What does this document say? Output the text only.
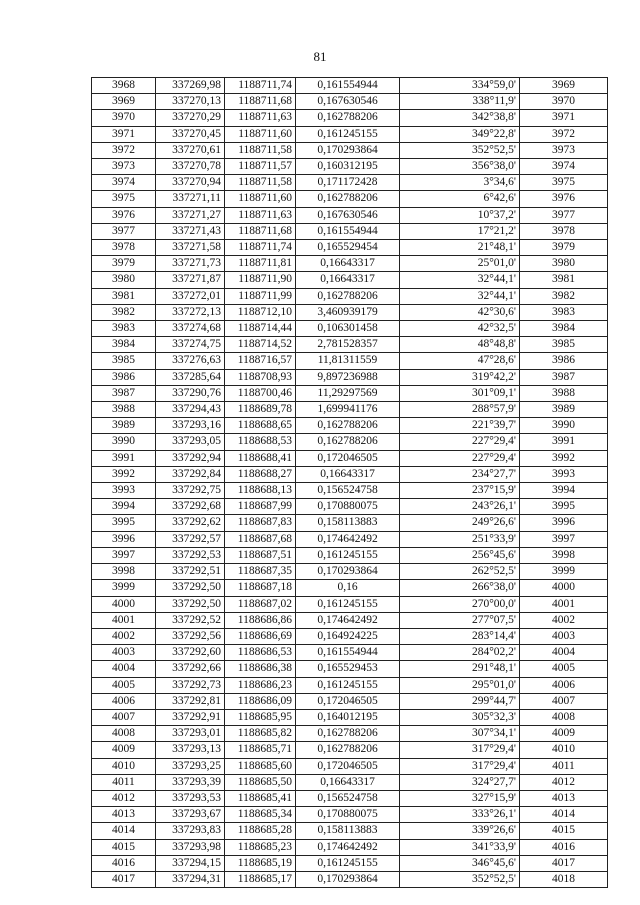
81
3968	337269,98	1188711,74	0,161554944	334°59,0'	3969
3969	337270,13	1188711,68	0,167630546	338°11,9'	3970
3970	337270,29	1188711,63	0,162788206	342°38,8'	3971
3971	337270,45	1188711,60	0,161245155	349°22,8'	3972
3972	337270,61	1188711,58	0,170293864	352°52,5'	3973
3973	337270,78	1188711,57	0,160312195	356°38,0'	3974
3974	337270,94	1188711,58	0,171172428	3°34,6'	3975
3975	337271,11	1188711,60	0,162788206	6°42,6'	3976
3976	337271,27	1188711,63	0,167630546	10°37,2'	3977
3977	337271,43	1188711,68	0,161554944	17°21,2'	3978
3978	337271,58	1188711,74	0,165529454	21°48,1'	3979
3979	337271,73	1188711,81	0,16643317	25°01,0'	3980
3980	337271,87	1188711,90	0,16643317	32°44,1'	3981
3981	337272,01	1188711,99	0,162788206	32°44,1'	3982
3982	337272,13	1188712,10	3,460939179	42°30,6'	3983
3983	337274,68	1188714,44	0,106301458	42°32,5'	3984
3984	337274,75	1188714,52	2,781528357	48°48,8'	3985
3985	337276,63	1188716,57	11,81311559	47°28,6'	3986
3986	337285,64	1188708,93	9,897236988	319°42,2'	3987
3987	337290,76	1188700,46	11,29297569	301°09,1'	3988
3988	337294,43	1188689,78	1,699941176	288°57,9'	3989
3989	337293,16	1188688,65	0,162788206	221°39,7'	3990
3990	337293,05	1188688,53	0,162788206	227°29,4'	3991
3991	337292,94	1188688,41	0,172046505	227°29,4'	3992
3992	337292,84	1188688,27	0,16643317	234°27,7'	3993
3993	337292,75	1188688,13	0,156524758	237°15,9'	3994
3994	337292,68	1188687,99	0,170880075	243°26,1'	3995
3995	337292,62	1188687,83	0,158113883	249°26,6'	3996
3996	337292,57	1188687,68	0,174642492	251°33,9'	3997
3997	337292,53	1188687,51	0,161245155	256°45,6'	3998
3998	337292,51	1188687,35	0,170293864	262°52,5'	3999
3999	337292,50	1188687,18	0,16	266°38,0'	4000
4000	337292,50	1188687,02	0,161245155	270°00,0'	4001
4001	337292,52	1188686,86	0,174642492	277°07,5'	4002
4002	337292,56	1188686,69	0,164924225	283°14,4'	4003
4003	337292,60	1188686,53	0,161554944	284°02,2'	4004
4004	337292,66	1188686,38	0,165529453	291°48,1'	4005
4005	337292,73	1188686,23	0,161245155	295°01,0'	4006
4006	337292,81	1188686,09	0,172046505	299°44,7'	4007
4007	337292,91	1188685,95	0,164012195	305°32,3'	4008
4008	337293,01	1188685,82	0,162788206	307°34,1'	4009
4009	337293,13	1188685,71	0,162788206	317°29,4'	4010
4010	337293,25	1188685,60	0,172046505	317°29,4'	4011
4011	337293,39	1188685,50	0,16643317	324°27,7'	4012
4012	337293,53	1188685,41	0,156524758	327°15,9'	4013
4013	337293,67	1188685,34	0,170880075	333°26,1'	4014
4014	337293,83	1188685,28	0,158113883	339°26,6'	4015
4015	337293,98	1188685,23	0,174642492	341°33,9'	4016
4016	337294,15	1188685,19	0,161245155	346°45,6'	4017
4017	337294,31	1188685,17	0,170293864	352°52,5'	4018
